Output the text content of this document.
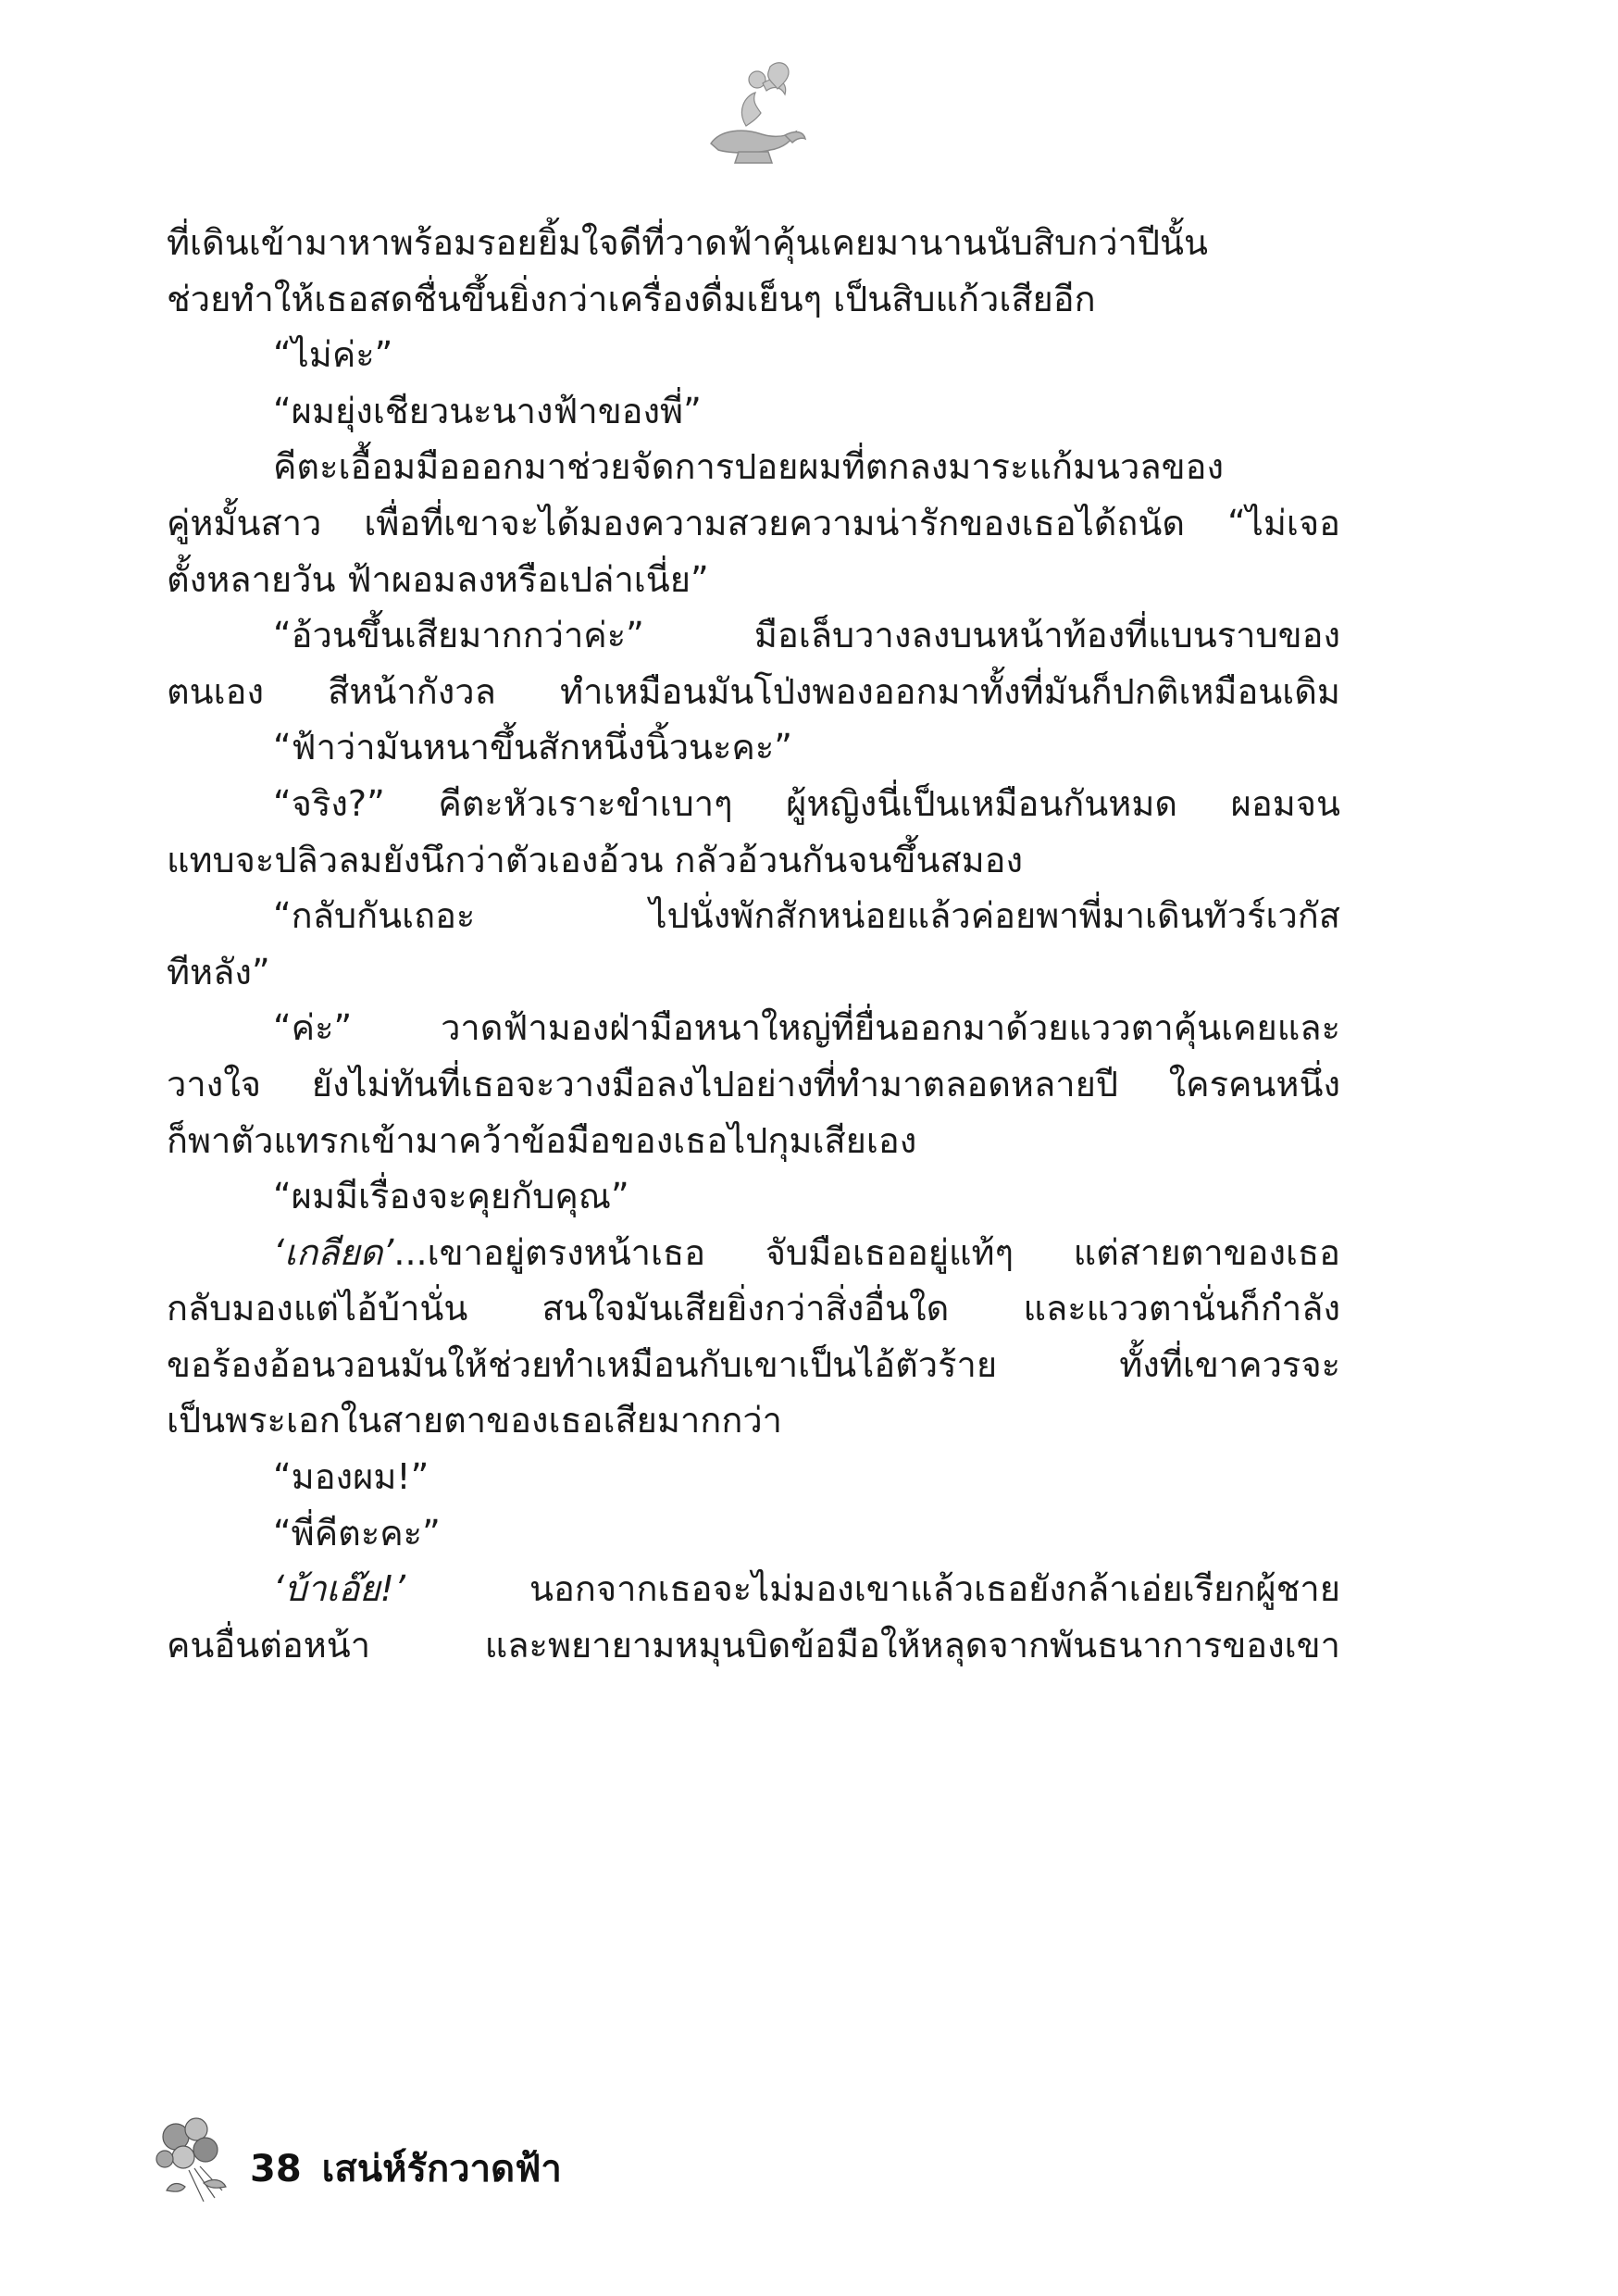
ที่เดินเข้ามาหาพร้อมรอยยิ้มใจดีที่วาดฟ้าคุ้นเคยมานานนับสิบกว่าปีนั้น
ช่วยทำให้เธอสดชื่นขึ้นยิ่งกว่าเครื่องดื่มเย็นๆ เป็นสิบแก้วเสียอีก
“ไม่ค่ะ”
“ผมยุ่งเชียวนะนางฟ้าของพี่”
คีตะเอื้อมมือออกมาช่วยจัดการปอยผมที่ตกลงมาระแก้มนวลของ
คู่หมั้นสาว เพื่อที่เขาจะได้มองความสวยความน่ารักของเธอได้ถนัด “ไม่เจอ
ตั้งหลายวัน ฟ้าผอมลงหรือเปล่าเนี่ย”
“อ้วนขึ้นเสียมากกว่าค่ะ” มือเล็บวางลงบนหน้าท้องที่แบนราบของ
ตนเอง สีหน้ากังวล ทำเหมือนมันโป่งพองออกมาทั้งที่มันก็ปกติเหมือนเดิม
“ฟ้าว่ามันหนาขึ้นสักหนึ่งนิ้วนะคะ”
“จริง?” คีตะหัวเราะขำเบาๆ ผู้หญิงนี่เป็นเหมือนกันหมด ผอมจน
แทบจะปลิวลมยังนึกว่าตัวเองอ้วน กลัวอ้วนกันจนขึ้นสมอง
“กลับกันเถอะ ไปนั่งพักสักหน่อยแล้วค่อยพาพี่มาเดินทัวร์เวกัส
ทีหลัง”
“ค่ะ” วาดฟ้ามองฝ่ามือหนาใหญ่ที่ยื่นออกมาด้วยแววตาคุ้นเคยและ
วางใจ ยังไม่ทันที่เธอจะวางมือลงไปอย่างที่ทำมาตลอดหลายปี ใครคนหนึ่ง
ก็พาตัวแทรกเข้ามาคว้าข้อมือของเธอไปกุมเสียเอง
“ผมมีเรื่องจะคุยกับคุณ”
‘เกลียด’...เขาอยู่ตรงหน้าเธอ จับมือเธออยู่แท้ๆ แต่สายตาของเธอ
กลับมองแต่ไอ้บ้านั่น สนใจมันเสียยิ่งกว่าสิ่งอื่นใด และแววตานั่นก็กำลัง
ขอร้องอ้อนวอนมันให้ช่วยทำเหมือนกับเขาเป็นไอ้ตัวร้าย ทั้งที่เขาควรจะ
เป็นพระเอกในสายตาของเธอเสียมากกว่า
“มองผม!”
“พี่คีตะคะ”
‘บ้าเอ๊ย!’ นอกจากเธอจะไม่มองเขาแล้วเธอยังกล้าเอ่ยเรียกผู้ชาย
คนอื่นต่อหน้า และพยายามหมุนบิดข้อมือให้หลุดจากพันธนาการของเขา
38 เสน่ห์รักวาดฟ้า
